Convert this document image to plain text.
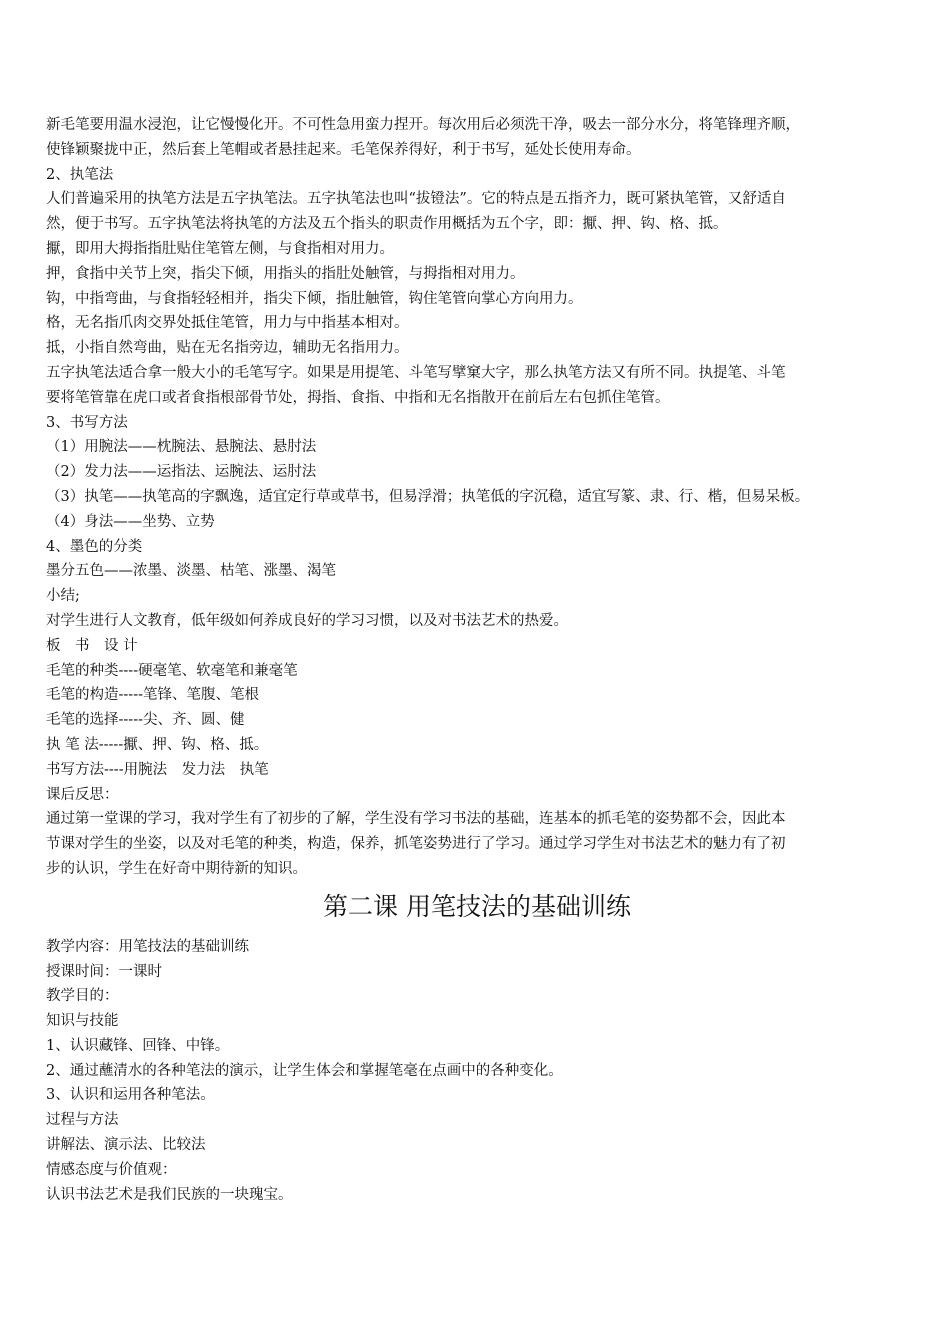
新毛笔要用温水浸泡，让它慢慢化开。不可性急用蛮力捏开。每次用后必须洗干净，吸去一部分水分，将笔锋理齐顺，
使锋颖聚拢中正，然后套上笔帽或者悬挂起来。毛笔保养得好，利于书写，延处长使用寿命。
2、执笔法
人们普遍采用的执笔方法是五字执笔法。五字执笔法也叫“拔镫法”。它的特点是五指齐力，既可紧执笔管，又舒适自
然，便于书写。五字执笔法将执笔的方法及五个指头的职责作用概括为五个字，即：擫、押、钩、格、抵。
擫，即用大拇指指肚贴住笔管左侧，与食指相对用力。
押，食指中关节上突，指尖下倾，用指头的指肚处触管，与拇指相对用力。
钩，中指弯曲，与食指轻轻相并，指尖下倾，指肚触管，钩住笔管向掌心方向用力。
格，无名指爪肉交界处抵住笔管，用力与中指基本相对。
抵，小指自然弯曲，贴在无名指旁边，辅助无名指用力。
五字执笔法适合拿一般大小的毛笔写字。如果是用提笔、斗笔写擘窠大字，那么执笔方法又有所不同。执提笔、斗笔
要将笔管靠在虎口或者食指根部骨节处，拇指、食指、中指和无名指散开在前后左右包抓住笔管。
3、书写方法
（1）用腕法——枕腕法、悬腕法、悬肘法
（2）发力法——运指法、运腕法、运肘法
（3）执笔——执笔高的字飘逸，适宜定行草或草书，但易浮滑；执笔低的字沉稳，适宜写篆、隶、行、楷，但易呆板。
（4）身法——坐势、立势
4、墨色的分类
墨分五色——浓墨、淡墨、枯笔、涨墨、渴笔
小结;
对学生进行人文教育，低年级如何养成良好的学习习惯，以及对书法艺术的热爱。
板　书　设 计
毛笔的种类----硬毫笔、软毫笔和兼毫笔
毛笔的构造-----笔锋、笔腹、笔根
毛笔的选择-----尖、齐、圆、健
执 笔 法-----擫、押、钩、格、抵。
书写方法----用腕法　发力法　执笔
课后反思：
通过第一堂课的学习，我对学生有了初步的了解，学生没有学习书法的基础，连基本的抓毛笔的姿势都不会，因此本
节课对学生的坐姿，以及对毛笔的种类，构造，保养，抓笔姿势进行了学习。通过学习学生对书法艺术的魅力有了初
步的认识，学生在好奇中期待新的知识。
第二课 用笔技法的基础训练
教学内容：用笔技法的基础训练
授课时间：一课时
教学目的：
知识与技能
1、认识藏锋、回锋、中锋。
2、通过蘸清水的各种笔法的演示，让学生体会和掌握笔毫在点画中的各种变化。
3、认识和运用各种笔法。
过程与方法
讲解法、演示法、比较法
情感态度与价值观：
认识书法艺术是我们民族的一块瑰宝。
